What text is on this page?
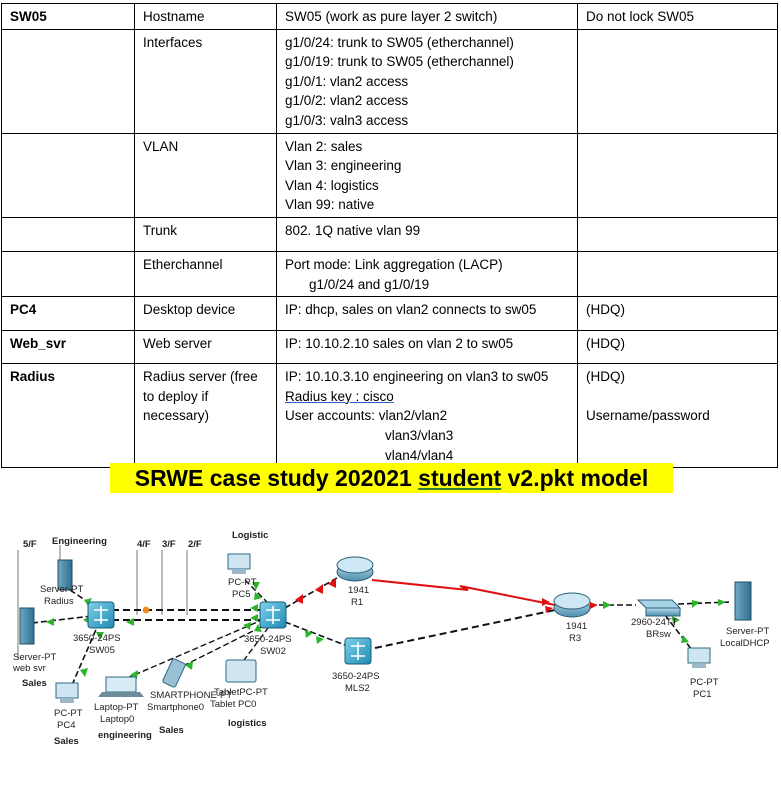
SW05	Hostname	SW05 (work as pure layer 2 switch)	Do not lock SW05

	Interfaces	g1/0/24: trunk to SW05 (etherchannel)
g1/0/19: trunk to SW05 (etherchannel)
g1/0/1: vlan2 access
g1/0/2: vlan2 access
g1/0/3: valn3 access	

	VLAN	Vlan 2: sales
Vlan 3: engineering
Vlan 4: logistics
Vlan 99: native	

	Trunk	802. 1Q native vlan 99	

	Etherchannel	Port mode: Link aggregation (LACP)
g1/0/24 and g1/0/19	

PC4	Desktop device	IP: dhcp, sales on vlan2 connects to sw05	(HDQ)

Web_svr	Web server	IP: 10.10.2.10 sales on vlan 2 to sw05	(HDQ)

Radius	Radius server (free to deploy if necessary)	IP: 10.10.3.10 engineering on vlan3 to sw05
Radius key : cisco
User accounts: vlan2/vlan2
vlan3/vlan3
vlan4/vlan4	(HDQ)
Username/password
SRWE case study 202021 student v2.pkt model
5/F Engineering	4/F 3/F 2/F
Logistic
Server-PT
Radius
3650-24PS
SW05
Server-PT
web svr
Sales
PC-PT
PC4
Sales
Laptop-PT
Laptop0
engineering
SMARTPHONE-PT
Smartphone0
Sales
TabletPC-PT
Tablet PC0
logistics
PC-PT
PC5
3650-24PS
SW02
1941
R1
3650-24PS
MLS2
1941
R3
2960-24TT
BRsw	Server-PT
LocalDHCP
PC-PT
PC1
